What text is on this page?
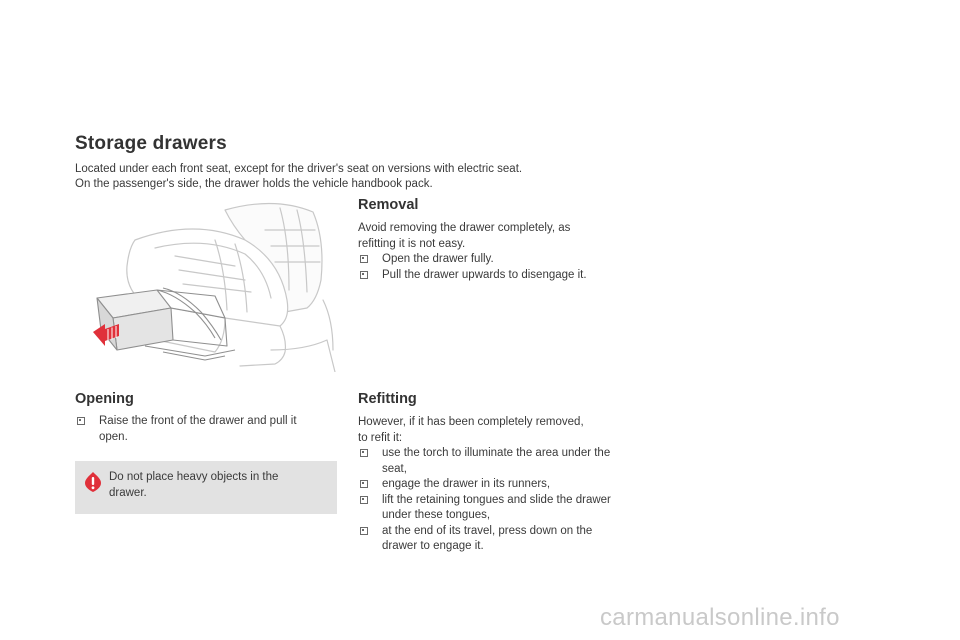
Storage drawers
Located under each front seat, except for the driver's seat on versions with electric seat.
On the passenger's side, the drawer holds the vehicle handbook pack.
Removal

Avoid removing the drawer completely, as

refitting it is not easy.

Open the drawer fully.
Pull the drawer upwards to disengage it.
Opening
Raise the front of the drawer and pull it open.
Do not place heavy objects in the drawer.
Refitting

However, if it has been completely removed,

to refit it:

use the torch to illuminate the area under the seat,
engage the drawer in its runners,
lift the retaining tongues and slide the drawer under these tongues,
at the end of its travel, press down on the drawer to engage it.
carmanualsonline.info
